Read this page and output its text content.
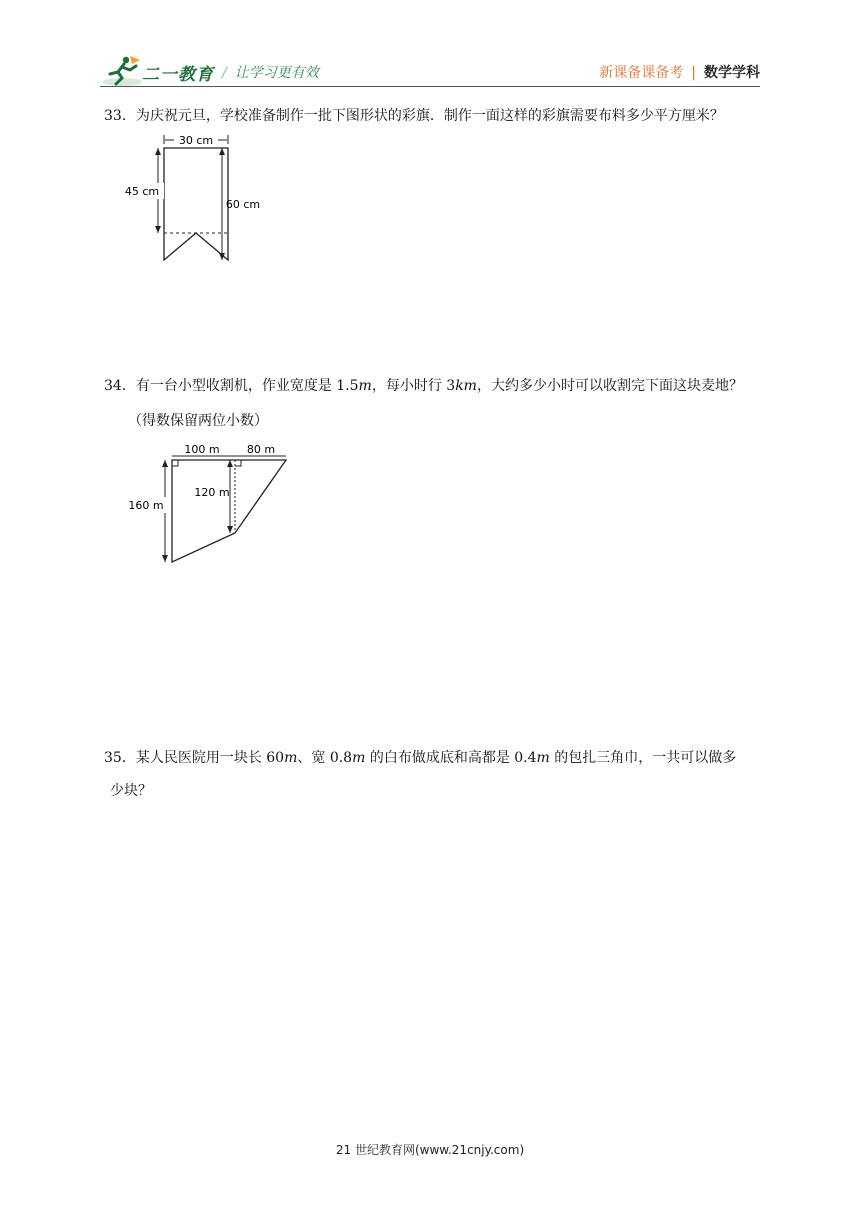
二一教育 / 让学习更有效	新课备课备考 | 数学学科
33．为庆祝元旦，学校准备制作一批下图形状的彩旗．制作一面这样的彩旗需要布料多少平方厘米？
30 cm
45 cm
60 cm
34．有一台小型收割机，作业宽度是 1.5m，每小时行 3km，大约多少小时可以收割完下面这块麦地？
（得数保留两位小数）
100 m 80 m
120 m
160 m
35．某人民医院用一块长 60m、宽 0.8m 的白布做成底和高都是 0.4m 的包扎三角巾，一共可以做多
少块？
21 世纪教育网(www.21cnjy.com)
